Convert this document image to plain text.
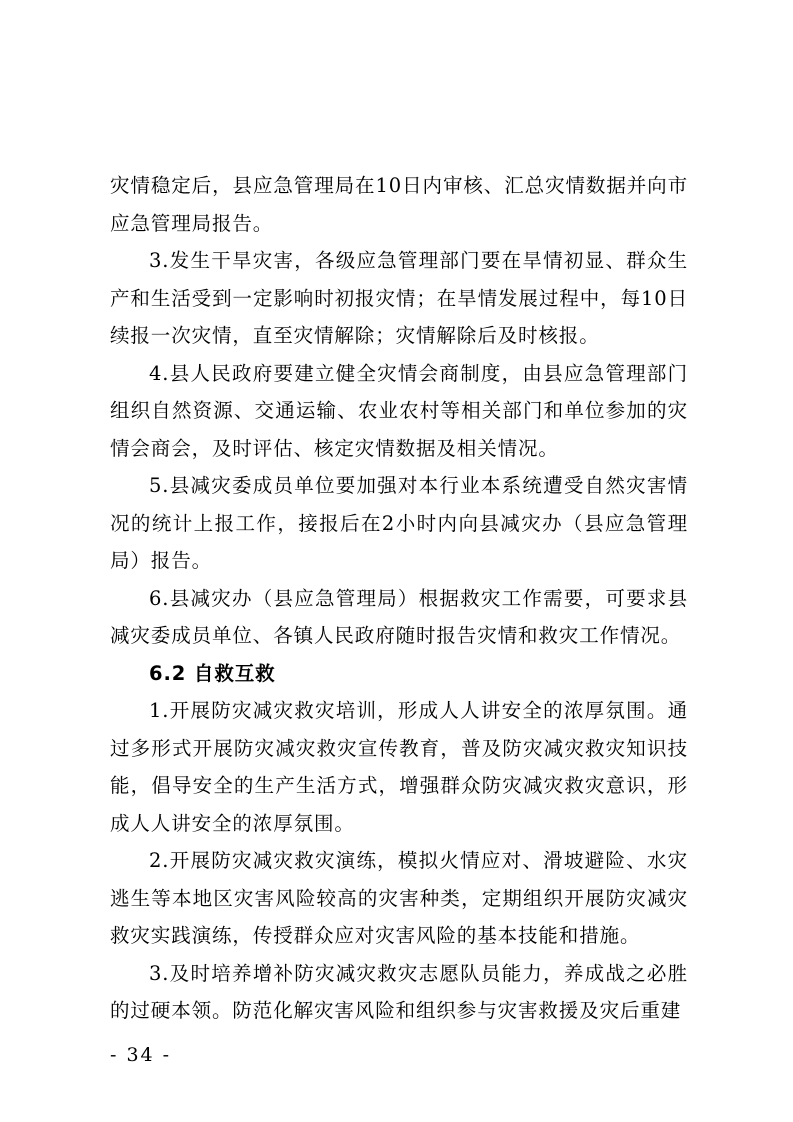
灾情稳定后，县应急管理局在10日内审核、汇总灾情数据并向市应急管理局报告。

3.发生干旱灾害，各级应急管理部门要在旱情初显、群众生产和生活受到一定影响时初报灾情；在旱情发展过程中，每10日续报一次灾情，直至灾情解除；灾情解除后及时核报。

4.县人民政府要建立健全灾情会商制度，由县应急管理部门组织自然资源、交通运输、农业农村等相关部门和单位参加的灾情会商会，及时评估、核定灾情数据及相关情况。

5.县减灾委成员单位要加强对本行业本系统遭受自然灾害情况的统计上报工作，接报后在2小时内向县减灾办（县应急管理局）报告。

6.县减灾办（县应急管理局）根据救灾工作需要，可要求县减灾委成员单位、各镇人民政府随时报告灾情和救灾工作情况。

6.2 自救互救

1.开展防灾减灾救灾培训，形成人人讲安全的浓厚氛围。通过多形式开展防灾减灾救灾宣传教育，普及防灾减灾救灾知识技能，倡导安全的生产生活方式，增强群众防灾减灾救灾意识，形成人人讲安全的浓厚氛围。

2.开展防灾减灾救灾演练，模拟火情应对、滑坡避险、水灾逃生等本地区灾害风险较高的灾害种类，定期组织开展防灾减灾救灾实践演练，传授群众应对灾害风险的基本技能和措施。

3.及时培养增补防灾减灾救灾志愿队员能力，养成战之必胜的过硬本领。防范化解灾害风险和组织参与灾害救援及灾后重建

- 34 -
